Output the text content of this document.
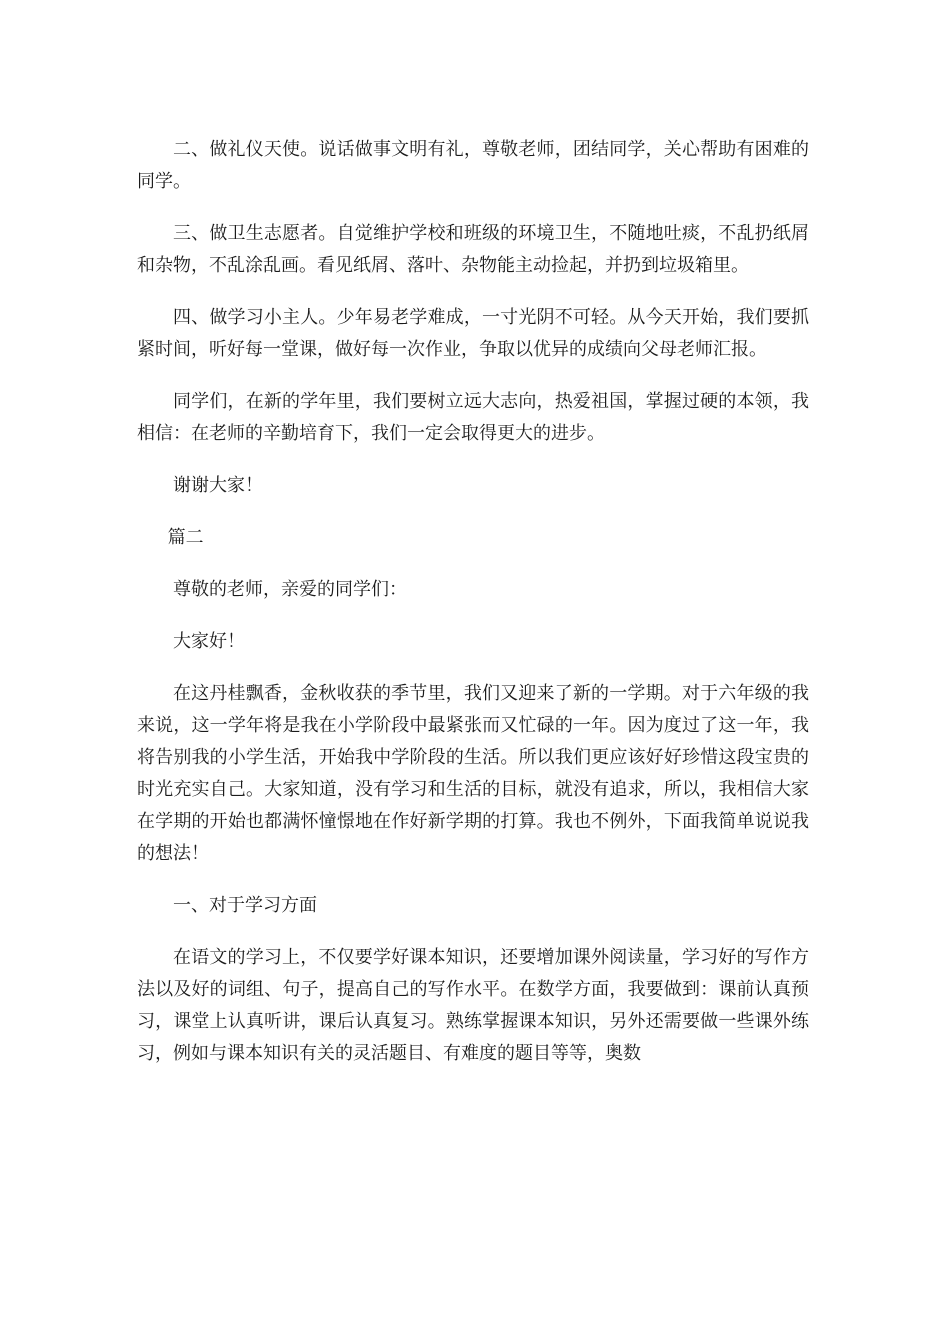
二、做礼仪天使。说话做事文明有礼，尊敬老师，团结同学，关心帮助有困难的同学。

三、做卫生志愿者。自觉维护学校和班级的环境卫生，不随地吐痰，不乱扔纸屑和杂物，不乱涂乱画。看见纸屑、落叶、杂物能主动捡起，并扔到垃圾箱里。

四、做学习小主人。少年易老学难成，一寸光阴不可轻。从今天开始，我们要抓紧时间，听好每一堂课，做好每一次作业，争取以优异的成绩向父母老师汇报。

同学们，在新的学年里，我们要树立远大志向，热爱祖国，掌握过硬的本领，我相信：在老师的辛勤培育下，我们一定会取得更大的进步。

谢谢大家！

篇二

尊敬的老师，亲爱的同学们：

大家好！

在这丹桂飘香，金秋收获的季节里，我们又迎来了新的一学期。对于六年级的我来说，这一学年将是我在小学阶段中最紧张而又忙碌的一年。因为度过了这一年，我将告别我的小学生活，开始我中学阶段的生活。所以我们更应该好好珍惜这段宝贵的时光充实自己。大家知道，没有学习和生活的目标，就没有追求，所以，我相信大家在学期的开始也都满怀憧憬地在作好新学期的打算。我也不例外，下面我简单说说我的想法！

一、对于学习方面

在语文的学习上，不仅要学好课本知识，还要增加课外阅读量，学习好的写作方法以及好的词组、句子，提高自己的写作水平。在数学方面，我要做到：课前认真预习，课堂上认真听讲，课后认真复习。熟练掌握课本知识，另外还需要做一些课外练习，例如与课本知识有关的灵活题目、有难度的题目等等，奥数
